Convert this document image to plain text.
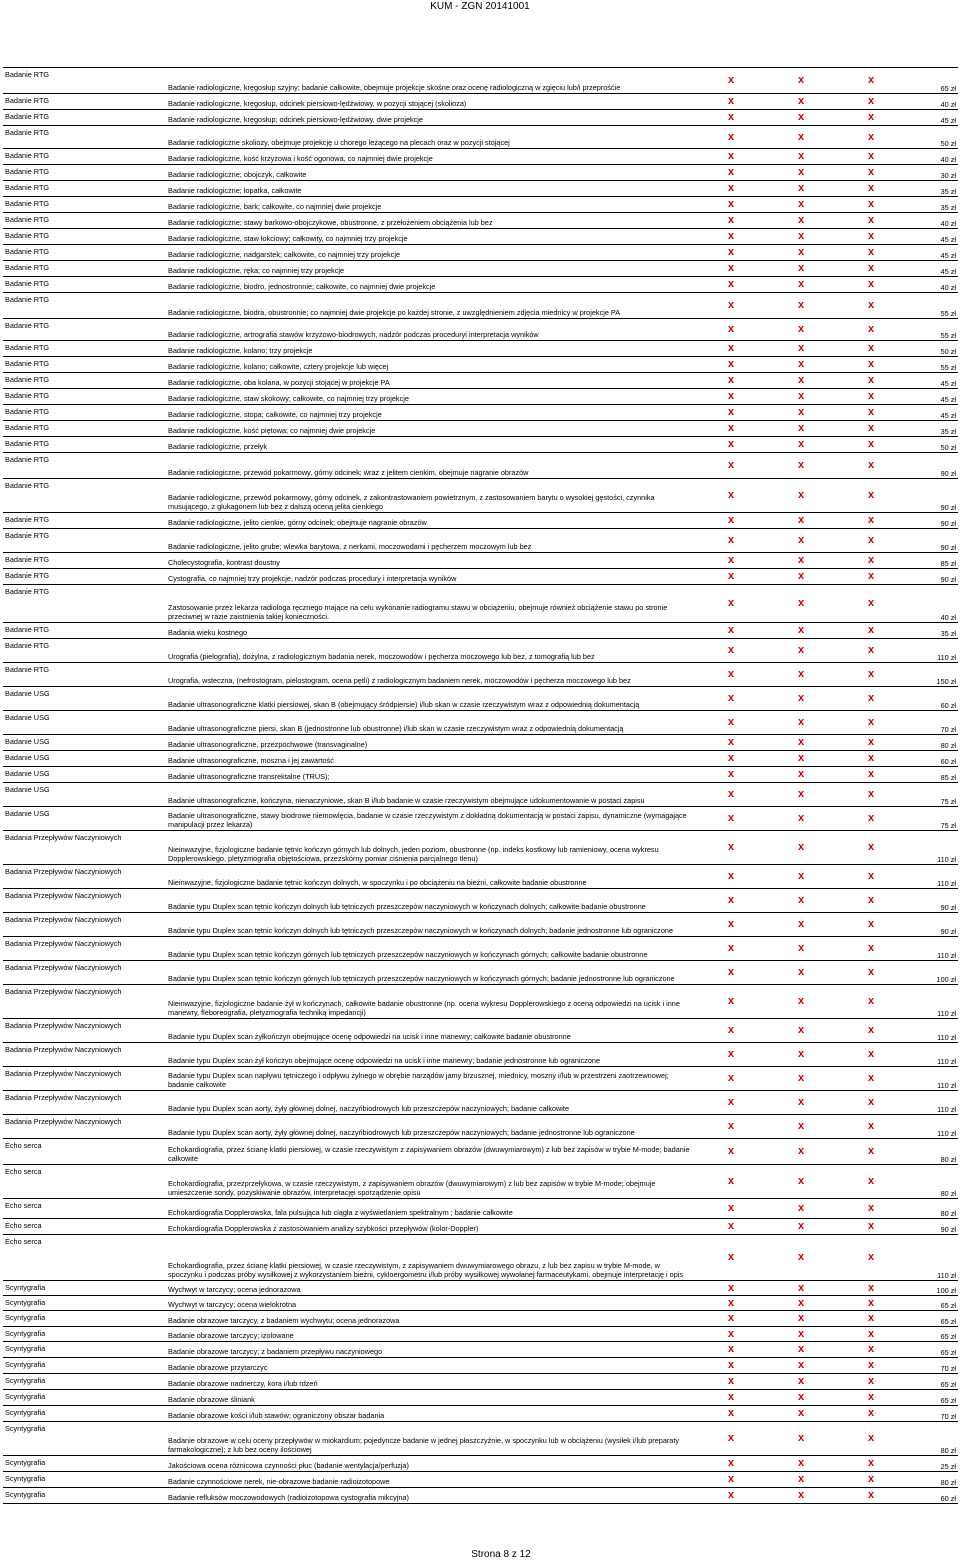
KUM - ZGN 20141001
Badanie RTG	Badanie radiologiczne, kręgosłup szyjny; badanie całkowite, obejmuje projekcje skośne oraz ocenę radiologiczną w zgięciu lub/i przeprośćie	x	x	x	65 zł
Badanie RTG	Badanie radiologiczne, kręgosłup, odcinek piersiowo-lędźwiowy, w pozycji stojącej (skolioza)	x	x	x	40 zł
Badanie RTG	Badanie radiologiczne, kręgosłup; odcinek piersiowo-lędźwiowy, dwie projekcje	x	x	x	45 zł
Badanie RTG	Badanie radiologiczne skoliozy, obejmuje projekcję u chorego leżącego na plecach oraz w pozycji stojącej	x	x	x	50 zł
Badanie RTG	Badanie radiologiczne, kość krzyżowa i kość ogonowa, co najmniej dwie projekcje	x	x	x	40 zł
Badanie RTG	Badanie radiologiczne; obojczyk, całkowite	x	x	x	30 zł
Badanie RTG	Badanie radiologiczne; łopatka, całkowite	x	x	x	35 zł
Badanie RTG	Badanie radiologiczne, bark; całkowite, co najmniej dwie projekcje	x	x	x	35 zł
Badanie RTG	Badanie radiologiczne; stawy barkowo-obojczykowe, obustronne, z przełożeniem obciążenia lub bez	x	x	x	40 zł
Badanie RTG	Badanie radiologiczne, staw łokciowy; całkowity, co najmniej trzy projekcje	x	x	x	45 zł
Badanie RTG	Badanie radiologiczne, nadgarstek; całkowite, co najmniej trzy projekcje	x	x	x	45 zł
Badanie RTG	Badanie radiologiczne, ręka; co najmniej trzy projekcje	x	x	x	45 zł
Badanie RTG	Badanie radiologiczne, biodro, jednostronnie; całkowite, co najmniej dwie projekcje	x	x	x	40 zł
Badanie RTG	Badanie radiologiczne, biodra, obustronnie; co najmniej dwie projekcje po każdej stronie, z uwzględnieniem zdjęcia miednicy w projekcje PA	x	x	x	55 zł
Badanie RTG	Badanie radiologiczne, artrografia stawów krzyżowo-biodrowych, nadzór podczas proceduryi interpretacja wyników	x	x	x	55 zł
Badanie RTG	Badanie radiologiczne, kolano; trzy projekcje	x	x	x	50 zł
Badanie RTG	Badanie radiologiczne, kolano; całkowite, cztery projekcje lub więcej	x	x	x	55 zł
Badanie RTG	Badanie radiologiczne, oba kolana, w pozycji stojącej w projekcje PA	x	x	x	45 zł
Badanie RTG	Badanie radiologiczne, staw skokowy; całkowite, co najmniej trzy projekcje	x	x	x	45 zł
Badanie RTG	Badanie radiologiczne, stopa; całkowite, co najmniej trzy projekcje	x	x	x	45 zł
Badanie RTG	Badanie radiologiczne, kość piętowa; co najmniej dwie projekcje	x	x	x	35 zł
Badanie RTG	Badanie radiologiczne, przełyk	x	x	x	50 zł
Badanie RTG	Badanie radiologiczne, przewód pokarmowy, górny odcinek; wraz z jelitem cienkim, obejmuje nagranie obrazów	x	x	x	90 zł
Badanie RTG	Badanie radiologiczne, przewód pokarmowy, górny odcinek, z zakontrastowaniem powietrznym, z zastosowaniem barytu o wysokiej gęstości, czynnika musującego, z glukagonem lub bez z dalszą oceną jelita cienkiego	x	x	x	90 zł
Badanie RTG	Badanie radiologiczne, jelito cienkie, górny odcinek; obejmuje nagranie obrazów	x	x	x	90 zł
Badanie RTG	Badanie radiologiczne, jelito grube; wlewka barytowa, z nerkami, moczowodami i pęcherzem moczowym lub bez	x	x	x	90 zł
Badanie RTG	Cholecystografia, kontrast doustny	x	x	x	85 zł
Badanie RTG	Cystografia, co najmniej trzy projekcje, nadzór podczas procedury i interpretacja wyników	x	x	x	90 zł
Badanie RTG	Zastosowanie przez lekarza radiologa ręcznego mające na celu wykonanie radiogramu stawu w obciążeniu, obejmuje również obciążenie stawu po stronie przeciwnej w razie zaistnienia takiej konieczności.	x	x	x	40 zł
Badanie RTG	Badania wieku kostnego	x	x	x	35 zł
Badanie RTG	Urografia (pielografia), dożylna, z radiologicznym badania nerek, moczowodów i pęcherza moczowego lub bez, z tomografią lub bez	x	x	x	110 zł
Badanie RTG	Urografia, wsteczna, (nefrostogram, pielostogram, ocena pętli) z radiologicznym badaniem nerek, moczowodów i pęcherza moczowego lub bez	x	x	x	150 zł
Badanie USG	Badanie ultrasonograficzne klatki piersiowej, skan B (obejmujący śródpiersie) i/lub skan w czasie rzeczywistym wraz z odpowiednią dokumentacją	x	x	x	60 zł
Badanie USG	Badanie ultrasonograficzne piersi, skan B (jednostronne lub obustronne) i/lub skan w czasie rzeczywistym wraz z odpowiednią dokumentacją	x	x	x	70 zł
Badanie USG	Badanie ultrasonograficzne, przezpochwowe (transvaginalne)	x	x	x	80 zł
Badanie USG	Badanie ultrasonograficzne, moszna i jej zawartość	x	x	x	60 zł
Badanie USG	Badanie ultrasonograficzne transrektalne (TRUS);	x	x	x	85 zł
Badanie USG	Badanie ultrasonograficzne, kończyna, nienaczyniowe, skan B i/lub badanie w czasie rzeczywistym obejmujące udokumentowanie w postaci zapisu	x	x	x	75 zł
Badanie USG	Badanie ultrasonograficzne, stawy biodrowe niemowlęcia, badanie w czasie rzeczywistym z dokładną dokumentacją w postaci zapisu, dynamiczne (wymagające manipulacji przez lekarza)	x	x	x	75 zł
Badania Przepływów Naczyniowych	Nieinwazyjne, fizjologiczne badanie tętnic kończyn górnych lub dolnych, jeden poziom, obustronne (np. indeks kostkowy lub ramieniowy, ocena wykresu Dopplerowskiego, pletyzmografia objętościowa, przezskórny pomiar ciśnienia parcjalnego tlenu)	x	x	x	110 zł
Badania Przepływów Naczyniowych	Nieinwazyjne, fizjologiczne badanie tętnic kończyn dolnych, w spoczynku i po obciążeniu na bieżni, całkowite badanie obustronne	x	x	x	110 zł
Badania Przepływów Naczyniowych	Badanie typu Duplex scan tętnic kończyn dolnych lub tętniczych przeszczepów naczyniowych w kończynach dolnych; całkowite badanie obustronne	x	x	x	90 zł
Badania Przepływów Naczyniowych	Badanie typu Duplex scan tętnic kończyn dolnych lub tętniczych przeszczepów naczyniowych w kończynach dolnych; badanie jednostronne lub ograniczone	x	x	x	90 zł
Badania Przepływów Naczyniowych	Badanie typu Duplex scan tętnic kończyn górnych lub tętniczych przeszczepów naczyniowych w kończynach górnych; całkowite badanie obustronne	x	x	x	110 zł
Badania Przepływów Naczyniowych	Badanie typu Duplex scan tętnic kończyn górnych lub tętniczych przeszczepów naczyniowych w kończynach górnych; badanie jednostronne lub ograniczone	x	x	x	100 zł
Badania Przepływów Naczyniowych	Nieinwazyjne, fizjologiczne badanie żył w kończynach, całkowite badanie obustronne (np. ocena wykresu Dopplerowskiego z oceną odpowiedzi na ucisk i inne manewry, fleboreografia, pletyzmografia techniką impedancji)	x	x	x	110 zł
Badania Przepływów Naczyniowych	Badanie typu Duplex scan żyłkończyn obejmujące ocenę odpowiedzi na ucisk i inne manewry; całkowite badanie obustronne	x	x	x	110 zł
Badania Przepływów Naczyniowych	Badanie typu Duplex scan żył kończyn obejmujące ocenę odpowiedzi na ucisk i inne manewry; badanie jednostronne lub ograniczone	x	x	x	110 zł
Badania Przepływów Naczyniowych	Badanie typu Duplex scan napływu tętniczego i odpływu żylnego w obrębie narządów jamy brzusznej, miednicy, moszny i/lub w przestrzeni zaotrzewnowej; badanie całkowite	x	x	x	110 zł
Badania Przepływów Naczyniowych	Badanie typu Duplex scan aorty, żyły głównej dolnej, naczyńbiodrowych lub przeszczepów naczyniowych; badanie całkowite	x	x	x	110 zł
Badania Przepływów Naczyniowych	Badanie typu Duplex scan aorty, żyły głównej dolnej, naczyńbiodrowych lub przeszczepów naczyniowych; badanie jednostronne lub ograniczone	x	x	x	110 zł
Echo serca	Echokardiografia, przez ścianę klatki piersiowej, w czasie rzeczywistym z zapisywaniem obrazów (dwuwymiarowym) z lub bez zapisów w trybie M-mode; badanie całkowite	x	x	x	80 zł
Echo serca	Echokardiografia, przezprzełykowa, w czasie rzeczywistym, z zapisywaniem obrazów (dwuwymiarowym) z lub bez zapisów w trybie M-mode; obejmuje umieszczenie sondy, pozyskiwanie obrazów, interpretacjęi sporządzenie opisu	x	x	x	80 zł
Echo serca	Echokardiografia Dopplerowska, fala pulsująca lub ciągła z wyświetlaniem spektralnym ; badanie całkowite	x	x	x	80 zł
Echo serca	Echokardiografia Dopplerowska z zastosowaniem analizy szybkości przepływów (kolor-Doppler)	x	x	x	90 zł
Echo serca	Echokardiografia, przez ścianę klatki piersiowej, w czasie rzeczywistym, z zapisywaniem dwuwymiarowego obrazu, z lub bez zapisu w trybie M-mode, w spoczynku i podczas próby wysiłkowej z wykorzystaniem bieżni, cykloergometru i/lub próby wysiłkowej wywołanej farmaceutykami, obejmuje interpretację i opis	x	x	x	110 zł
Scyntygrafia	Wychwyt w tarczycy; ocena jednorazowa	x	x	x	100 zł
Scyntygrafia	Wychwyt w tarczycy; ocena wielokrotna	x	x	x	65 zł
Scyntygrafia	Badanie obrazowe tarczycy, z badaniem wychwytu; ocena jednorazowa	x	x	x	65 zł
Scyntygrafia	Badanie obrazowe tarczycy; izolowane	x	x	x	65 zł
Scyntygrafia	Badanie obrazowe tarczycy; z badaniem przepływu naczyniowego	x	x	x	65 zł
Scyntygrafia	Badanie obrazowe przytarczyc	x	x	x	70 zł
Scyntygrafia	Badanie obrazowe nadnerczy, kora i/lub rdzeń	x	x	x	65 zł
Scyntygrafia	Badanie obrazowe śliniank	x	x	x	65 zł
Scyntygrafia	Badanie obrazowe kości i/lub stawów; ograniczony obszar badania	x	x	x	70 zł
Scyntygrafia	Badanie obrazowe w celu oceny przepływów w miokardium; pojedyncze badanie w jednej płaszczyźnie, w spoczynku lub w obciążeniu (wysiłek i/lub preparaty farmakologiczne); z lub bez oceny ilościowej	x	x	x	80 zł
Scyntygrafia	Jakościowa ocena różnicowa czynności płuc (badanie wentylacja/perfuzja)	x	x	x	25 zł
Scyntygrafia	Badanie czynnościowe nerek, nie-obrazowe badanie radioizotopowe	x	x	x	80 zł
Scyntygrafia	Badanie refluksów moczowodowych (radioizotopowa cystografia mikcyjna)	x	x	x	60 zł
Strona 8 z 12
